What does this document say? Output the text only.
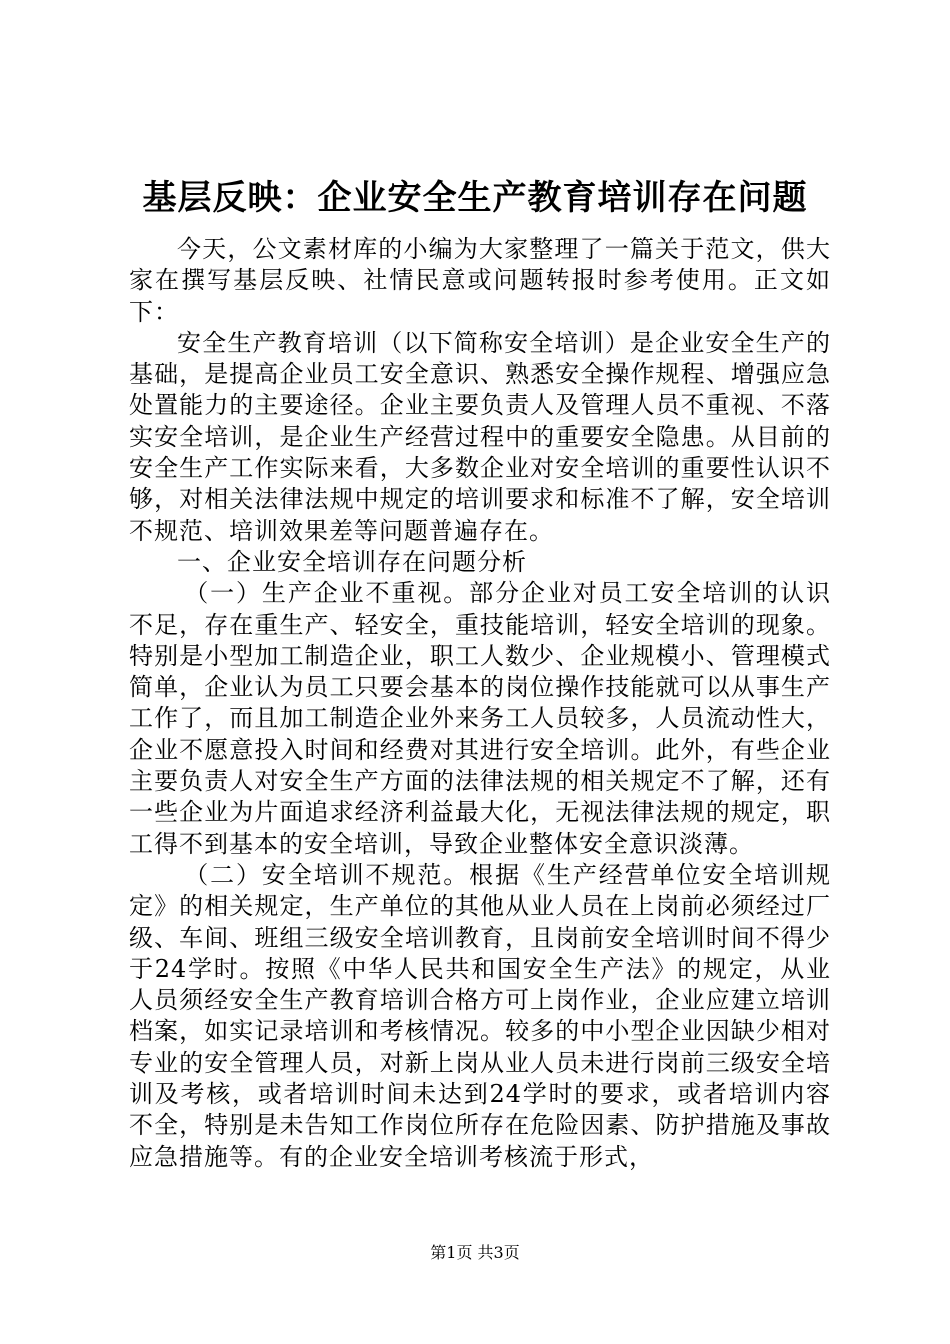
基层反映：企业安全生产教育培训存在问题

今天，公文素材库的小编为大家整理了一篇关于范文，供大家在撰写基层反映、社情民意或问题转报时参考使用。正文如下：

安全生产教育培训（以下简称安全培训）是企业安全生产的基础，是提高企业员工安全意识、熟悉安全操作规程、增强应急处置能力的主要途径。企业主要负责人及管理人员不重视、不落实安全培训，是企业生产经营过程中的重要安全隐患。从目前的安全生产工作实际来看，大多数企业对安全培训的重要性认识不够，对相关法律法规中规定的培训要求和标准不了解，安全培训不规范、培训效果差等问题普遍存在。

一、企业安全培训存在问题分析

（一）生产企业不重视。部分企业对员工安全培训的认识不足，存在重生产、轻安全，重技能培训，轻安全培训的现象。特别是小型加工制造企业，职工人数少、企业规模小、管理模式简单，企业认为员工只要会基本的岗位操作技能就可以从事生产工作了，而且加工制造企业外来务工人员较多，人员流动性大，企业不愿意投入时间和经费对其进行安全培训。此外，有些企业主要负责人对安全生产方面的法律法规的相关规定不了解，还有一些企业为片面追求经济利益最大化，无视法律法规的规定，职工得不到基本的安全培训，导致企业整体安全意识淡薄。

（二）安全培训不规范。根据《生产经营单位安全培训规定》的相关规定，生产单位的其他从业人员在上岗前必须经过厂级、车间、班组三级安全培训教育，且岗前安全培训时间不得少于24学时。按照《中华人民共和国安全生产法》的规定，从业人员须经安全生产教育培训合格方可上岗作业，企业应建立培训档案，如实记录培训和考核情况。较多的中小型企业因缺少相对专业的安全管理人员，对新上岗从业人员未进行岗前三级安全培训及考核，或者培训时间未达到24学时的要求，或者培训内容不全，特别是未告知工作岗位所存在危险因素、防护措施及事故应急措施等。有的企业安全培训考核流于形式，

第1页 共3页
